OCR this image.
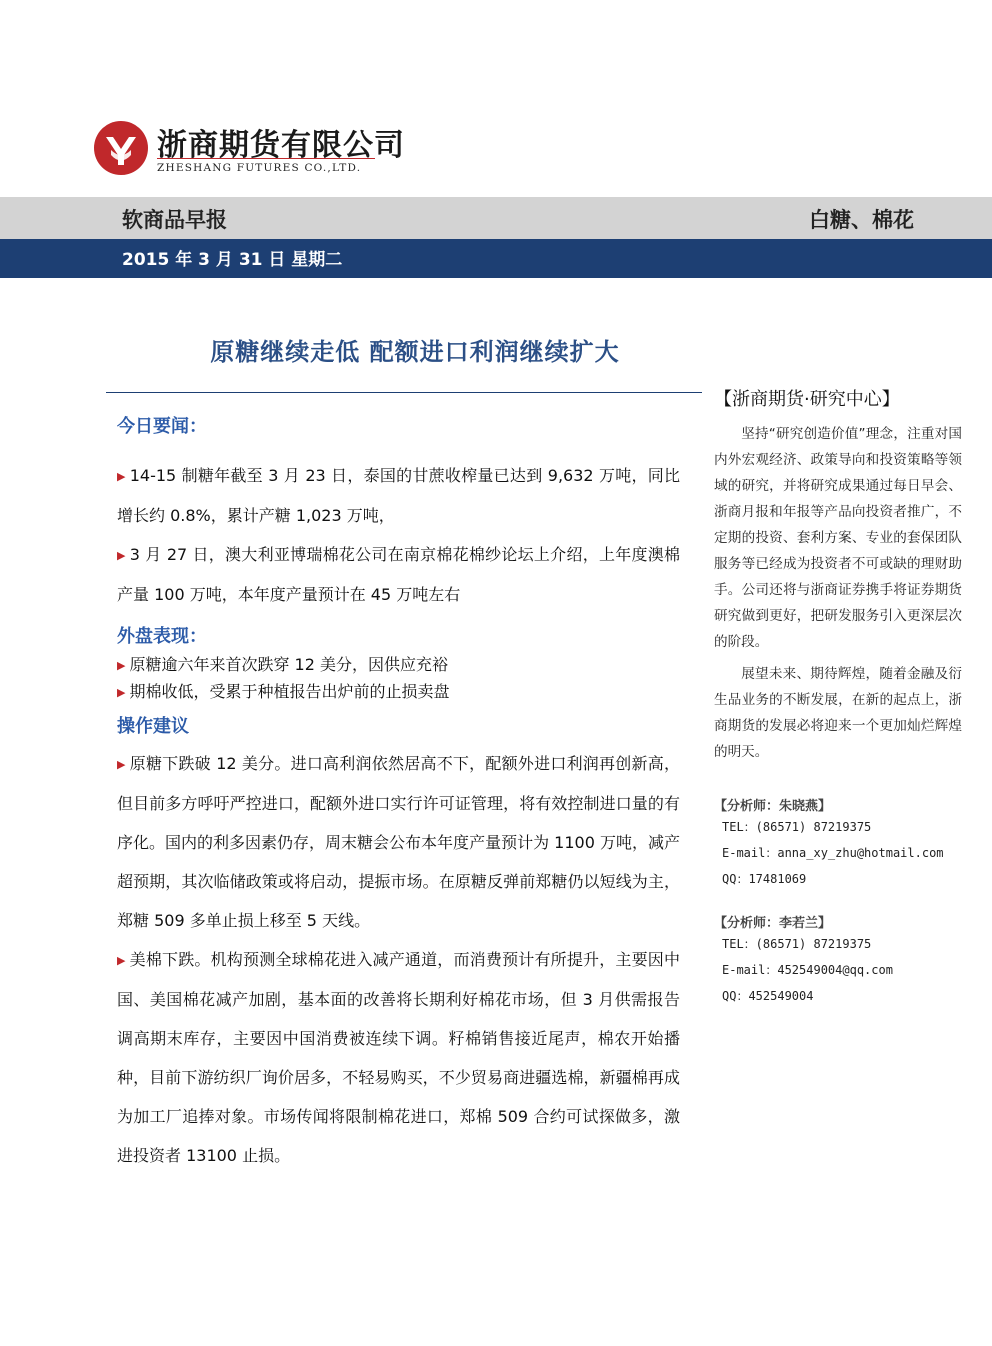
浙商期货有限公司
ZHESHANG FUTURES CO.,LTD.
软商品早报	白糖、棉花
2015 年 3 月 31 日 星期二
原糖继续走低 配额进口利润继续扩大
今日要闻：

▶ 14-15 制糖年截至 3 月 23 日，泰国的甘蔗收榨量已达到 9,632 万吨，同比增长约 0.8%，累计产糖 1,023 万吨，

▶ 3 月 27 日，澳大利亚博瑞棉花公司在南京棉花棉纱论坛上介绍，上年度澳棉产量 100 万吨，本年度产量预计在 45 万吨左右

外盘表现：

▶ 原糖逾六年来首次跌穿 12 美分，因供应充裕

▶ 期棉收低，受累于种植报告出炉前的止损卖盘

操作建议

▶ 原糖下跌破 12 美分。进口高利润依然居高不下，配额外进口利润再创新高，但目前多方呼吁严控进口，配额外进口实行许可证管理，将有效控制进口量的有序化。国内的利多因素仍存，周末糖会公布本年度产量预计为 1100 万吨，减产超预期，其次临储政策或将启动，提振市场。在原糖反弹前郑糖仍以短线为主，郑糖 509 多单止损上移至 5 天线。

▶ 美棉下跌。机构预测全球棉花进入减产通道，而消费预计有所提升，主要因中国、美国棉花减产加剧，基本面的改善将长期利好棉花市场，但 3 月供需报告调高期末库存，主要因中国消费被连续下调。籽棉销售接近尾声，棉农开始播种，目前下游纺织厂询价居多，不轻易购买，不少贸易商进疆选棉，新疆棉再成为加工厂追捧对象。市场传闻将限制棉花进口，郑棉 509 合约可试探做多，激进投资者 13100 止损。

【浙商期货·研究中心】

坚持“研究创造价值”理念，注重对国内外宏观经济、政策导向和投资策略等领域的研究，并将研究成果通过每日早会、浙商月报和年报等产品向投资者推广，不定期的投资、套利方案、专业的套保团队服务等已经成为投资者不可或缺的理财助手。公司还将与浙商证券携手将证券期货研究做到更好，把研发服务引入更深层次的阶段。

展望未来、期待辉煌，随着金融及衍生品业务的不断发展，在新的起点上，浙商期货的发展必将迎来一个更加灿烂辉煌的明天。

【分析师：朱晓燕】

TEL：(86571) 87219375

E-mail：anna_xy_zhu@hotmail.com

QQ：17481069

【分析师：李若兰】

TEL：(86571) 87219375

E-mail：452549004@qq.com

QQ：452549004
